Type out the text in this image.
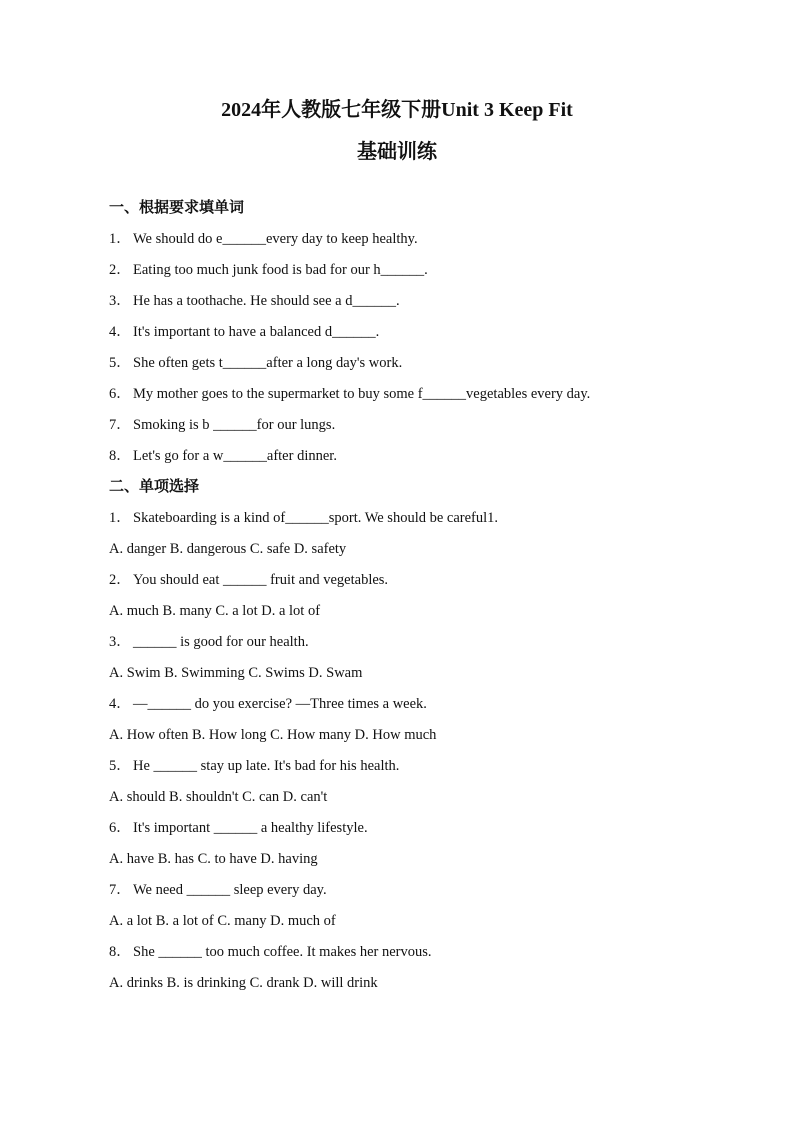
2024年人教版七年级下册Unit 3 Keep Fit
基础训练
一、根据要求填单词
1． We should do e______every day to keep healthy.
2． Eating too much junk food is bad for our h______.
3． He has a toothache. He should see a d______.
4． It's important to have a balanced d______.
5． She often gets t______after a long day's work.
6． My mother goes to the supermarket to buy some f______vegetables every day.
7． Smoking is b ______for our lungs.
8． Let's go for a w______after dinner.
二、单项选择
1． Skateboarding is a kind of______sport. We should be careful1.
A. danger B. dangerous C. safe D. safety
2． You should eat ______ fruit and vegetables.
A. much B. many C. a lot D. a lot of
3． ______ is good for our health.
A. Swim B. Swimming C. Swims D. Swam
4． —______ do you exercise? —Three times a week.
A. How often B. How long C. How many D. How much
5． He ______ stay up late. It's bad for his health.
A. should B. shouldn't C. can D. can't
6． It's important ______ a healthy lifestyle.
A. have B. has C. to have D. having
7． We need ______ sleep every day.
A. a lot B. a lot of C. many D. much of
8． She ______ too much coffee. It makes her nervous.
A. drinks B. is drinking C. drank D. will drink
